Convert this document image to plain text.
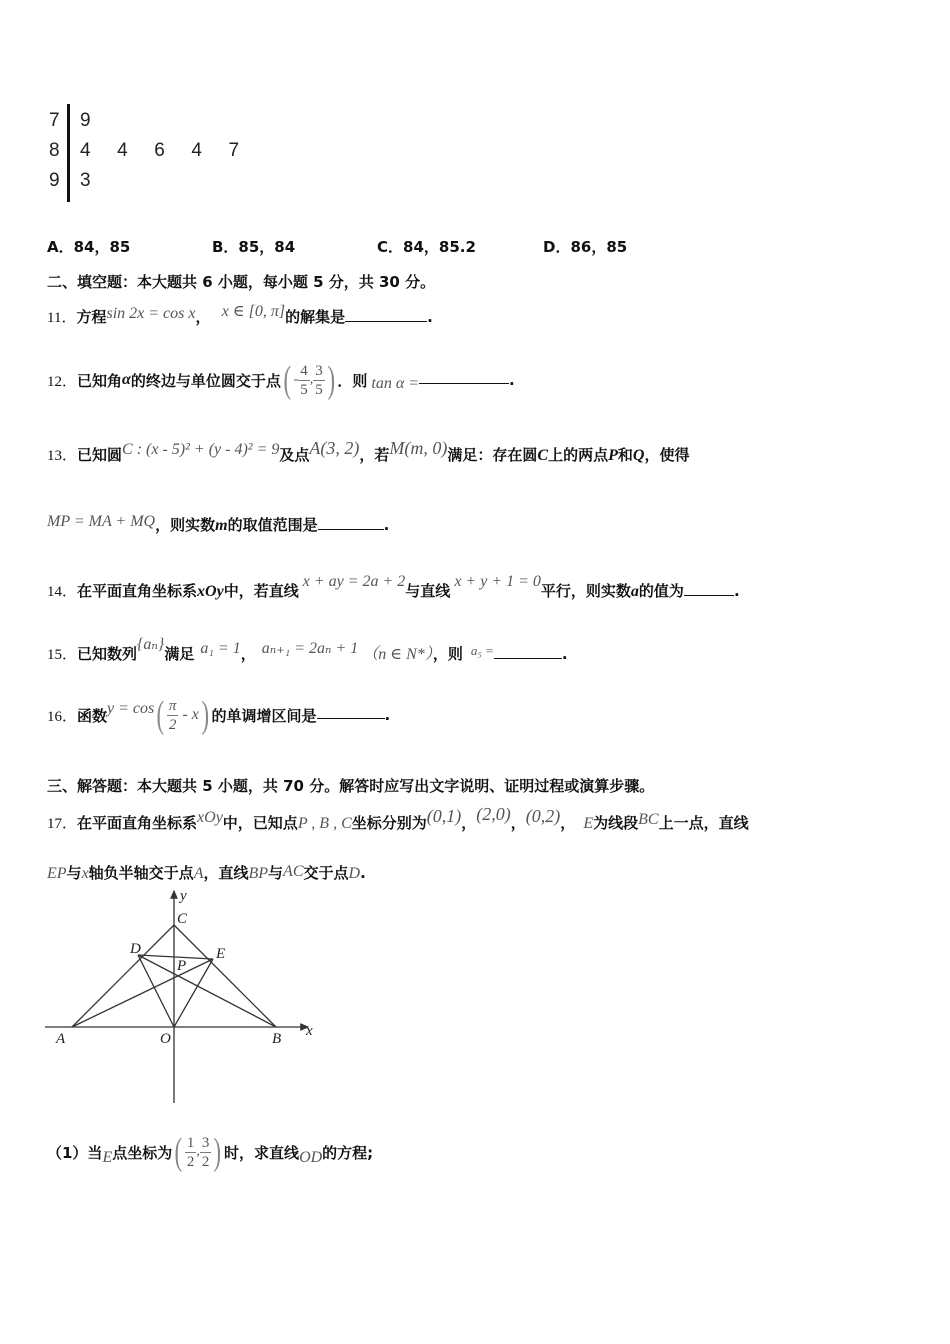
7 9
8 4  4  6  4  7
9 3
A．84，85	B．85，84	C．84，85.2	D．86，85
二、填空题：本大题共 6 小题，每小题 5 分，共 30 分。
11．方程sin 2x = cos x， x ∈ [0, π]的解集是	.
12． 已知角 α 的终边与单位圆交于点 ( - $\frac{4}{5}$ , $\frac{3}{5}$ ) ．则 tan α =	.
13．已知圆C : (x - 5)² + (y - 4)² = 9及点A(3, 2)，若M(m, 0)满足：存在圆C上的两点P和Q，使得
MP = MA + MQ，则实数m的取值范围是	.
14．在平面直角坐标系xOy中，若直线x + ay = 2a + 2与直线x + y + 1 = 0平行，则实数a的值为	.
15．已知数列{aₙ}满足 a₁ = 1， aₙ₊₁ = 2aₙ + 1 （n ∈ N*），则 a₅ =	.
16． 函数 y = cos ( $\frac{\pi}{2}$ - x ) 的单调增区间是	.
三、解答题：本大题共 5 小题，共 70 分。解答时应写出文字说明、证明过程或演算步骤。
17．在平面直角坐标系xOy中，已知点P , B , C坐标分别为(0,1)，(2,0)，(0,2)， E为线段BC上一点，直线
EP与x轴负半轴交于点A，直线BP与AC交于点D.
y
x
C
D	E
P
A	O	B
（1）当 E 点坐标为 ( $\frac{1}{2}$ , $\frac{3}{2}$ ) 时，求直线 OD 的方程;
